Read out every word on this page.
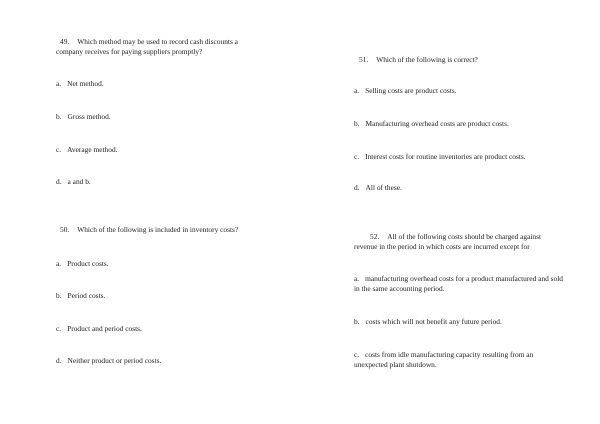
49. Which method may be used to record cash discounts a company receives for paying suppliers promptly?
a. Net method.
b. Gross method.
c. Average method.
d. a and b.
50. Which of the following is included in inventory costs?
a. Product costs.
b. Period costs.
c. Product and period costs.
d. Neither product or period costs.
51. Which of the following is correct?
a. Selling costs are product costs.
b. Manufacturing overhead costs are product costs.
c. Interest costs for routine inventories are product costs.
d. All of these.
52. All of the following costs should be charged against revenue in the period in which costs are incurred except for
a. manufacturing overhead costs for a product manufactured and sold in the same accounting period.
b. costs which will not benefit any future period.
c. costs from idle manufacturing capacity resulting from an unexpected plant shutdown.
